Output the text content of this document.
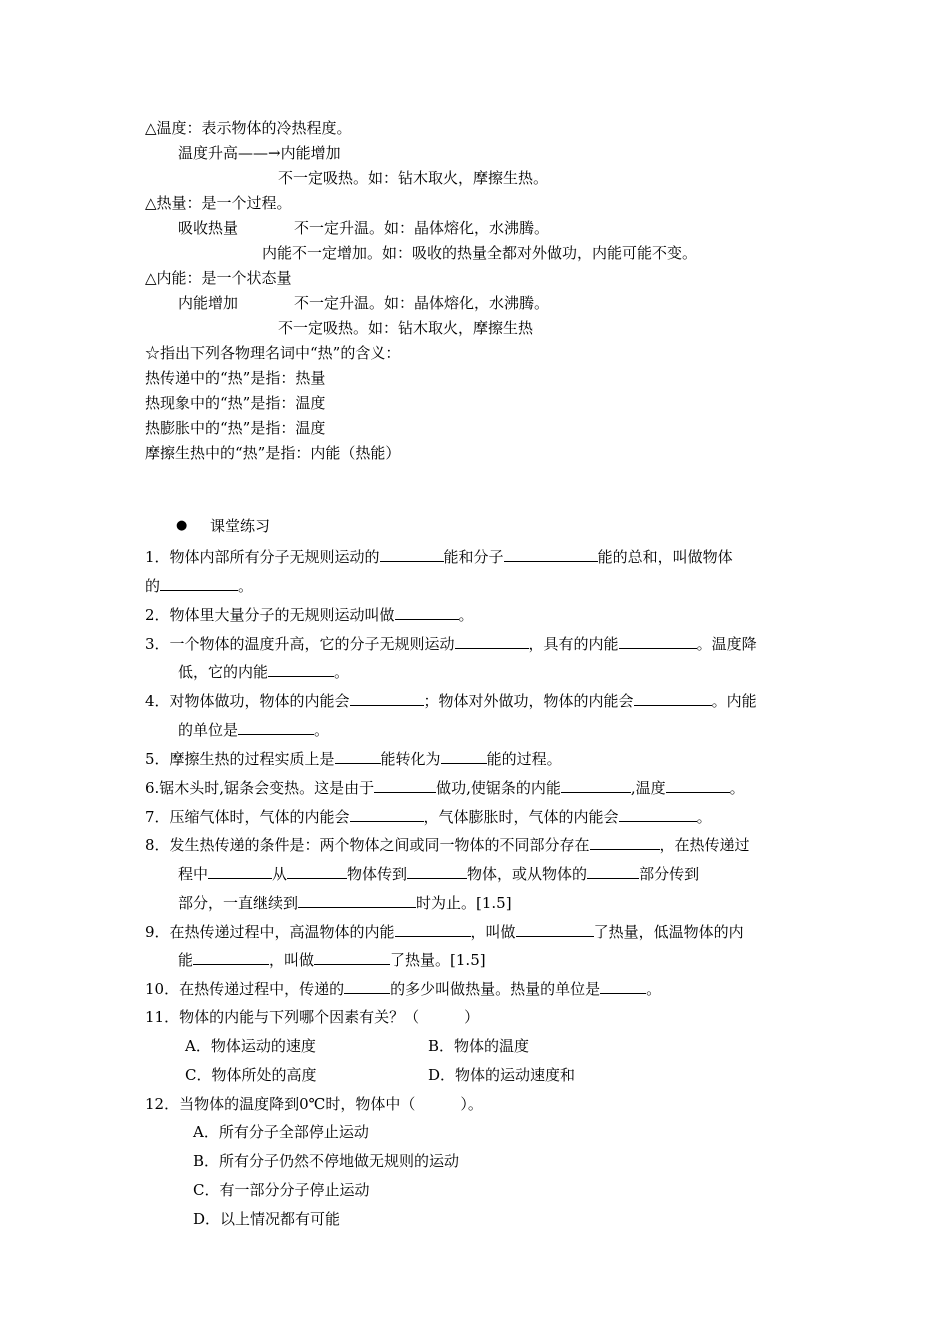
△温度：表示物体的冷热程度。
温度升高——→内能增加
不一定吸热。如：钻木取火，摩擦生热。
△热量：是一个过程。
吸收热量	不一定升温。如：晶体熔化，水沸腾。
内能不一定增加。如：吸收的热量全都对外做功，内能可能不变。
△内能：是一个状态量
内能增加	不一定升温。如：晶体熔化，水沸腾。
不一定吸热。如：钻木取火，摩擦生热
☆指出下列各物理名词中“热”的含义：
热传递中的“热”是指：热量
热现象中的“热”是指：温度
热膨胀中的“热”是指：温度
摩擦生热中的“热”是指：内能（热能）
● 课堂练习
1．物体内部所有分子无规则运动的	能和分子	能的总和，叫做物体
的	。
2．物体里大量分子的无规则运动叫做	。
3．一个物体的温度升高，它的分子无规则运动	，具有的内能	。温度降
低，它的内能	。
4．对物体做功，物体的内能会	；物体对外做功，物体的内能会	。内能
的单位是	。
5．摩擦生热的过程实质上是	能转化为	能的过程。
6.锯木头时,锯条会变热。这是由于	做功,使锯条的内能	,温度	。
7．压缩气体时，气体的内能会	，气体膨胀时，气体的内能会	。
8．发生热传递的条件是：两个物体之间或同一物体的不同部分存在	，在热传递过
程中	从	物体传到	物体，或从物体的	部分传到
部分，一直继续到	时为止。[1.5]
9．在热传递过程中，高温物体的内能	，叫做	了热量，低温物体的内
能	，叫做	了热量。[1.5]
10．在热传递过程中，传递的	的多少叫做热量。热量的单位是	。
11．物体的内能与下列哪个因素有关？（　　　）
A．物体运动的速度	B．物体的温度
C．物体所处的高度	D．物体的运动速度和
12．当物体的温度降到0℃时，物体中（　　　）。
A．所有分子全部停止运动
B．所有分子仍然不停地做无规则的运动
C．有一部分分子停止运动
D．以上情况都有可能
